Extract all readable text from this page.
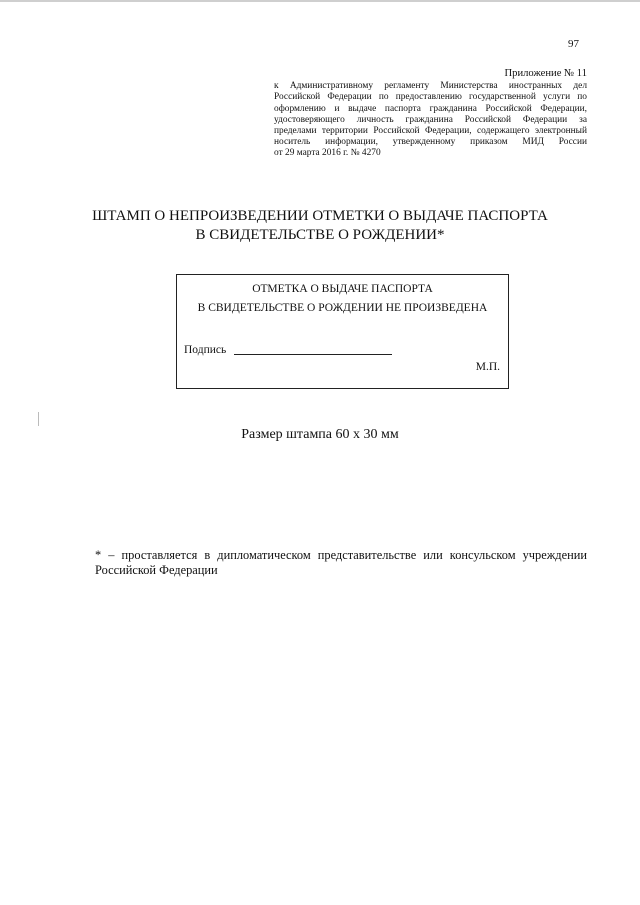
97
Приложение № 11
к Административному регламенту Министерства иностранных дел
Российской Федерации по предоставлению государственной услуги по
оформлению и выдаче паспорта гражданина Российской Федерации,
удостоверяющего личность гражданина Российской Федерации за
пределами территории Российской Федерации, содержащего электронный
носитель информации, утвержденному приказом МИД России
от 29 марта 2016 г. № 4270
ШТАМП О НЕПРОИЗВЕДЕНИИ ОТМЕТКИ О ВЫДАЧЕ ПАСПОРТА
В СВИДЕТЕЛЬСТВЕ О РОЖДЕНИИ*
ОТМЕТКА О ВЫДАЧЕ ПАСПОРТА
В СВИДЕТЕЛЬСТВЕ О РОЖДЕНИИ НЕ ПРОИЗВЕДЕНА
Подпись
М.П.
Размер штампа 60 х 30 мм
* – проставляется в дипломатическом представительстве или консульском учреждении
Российской Федерации
